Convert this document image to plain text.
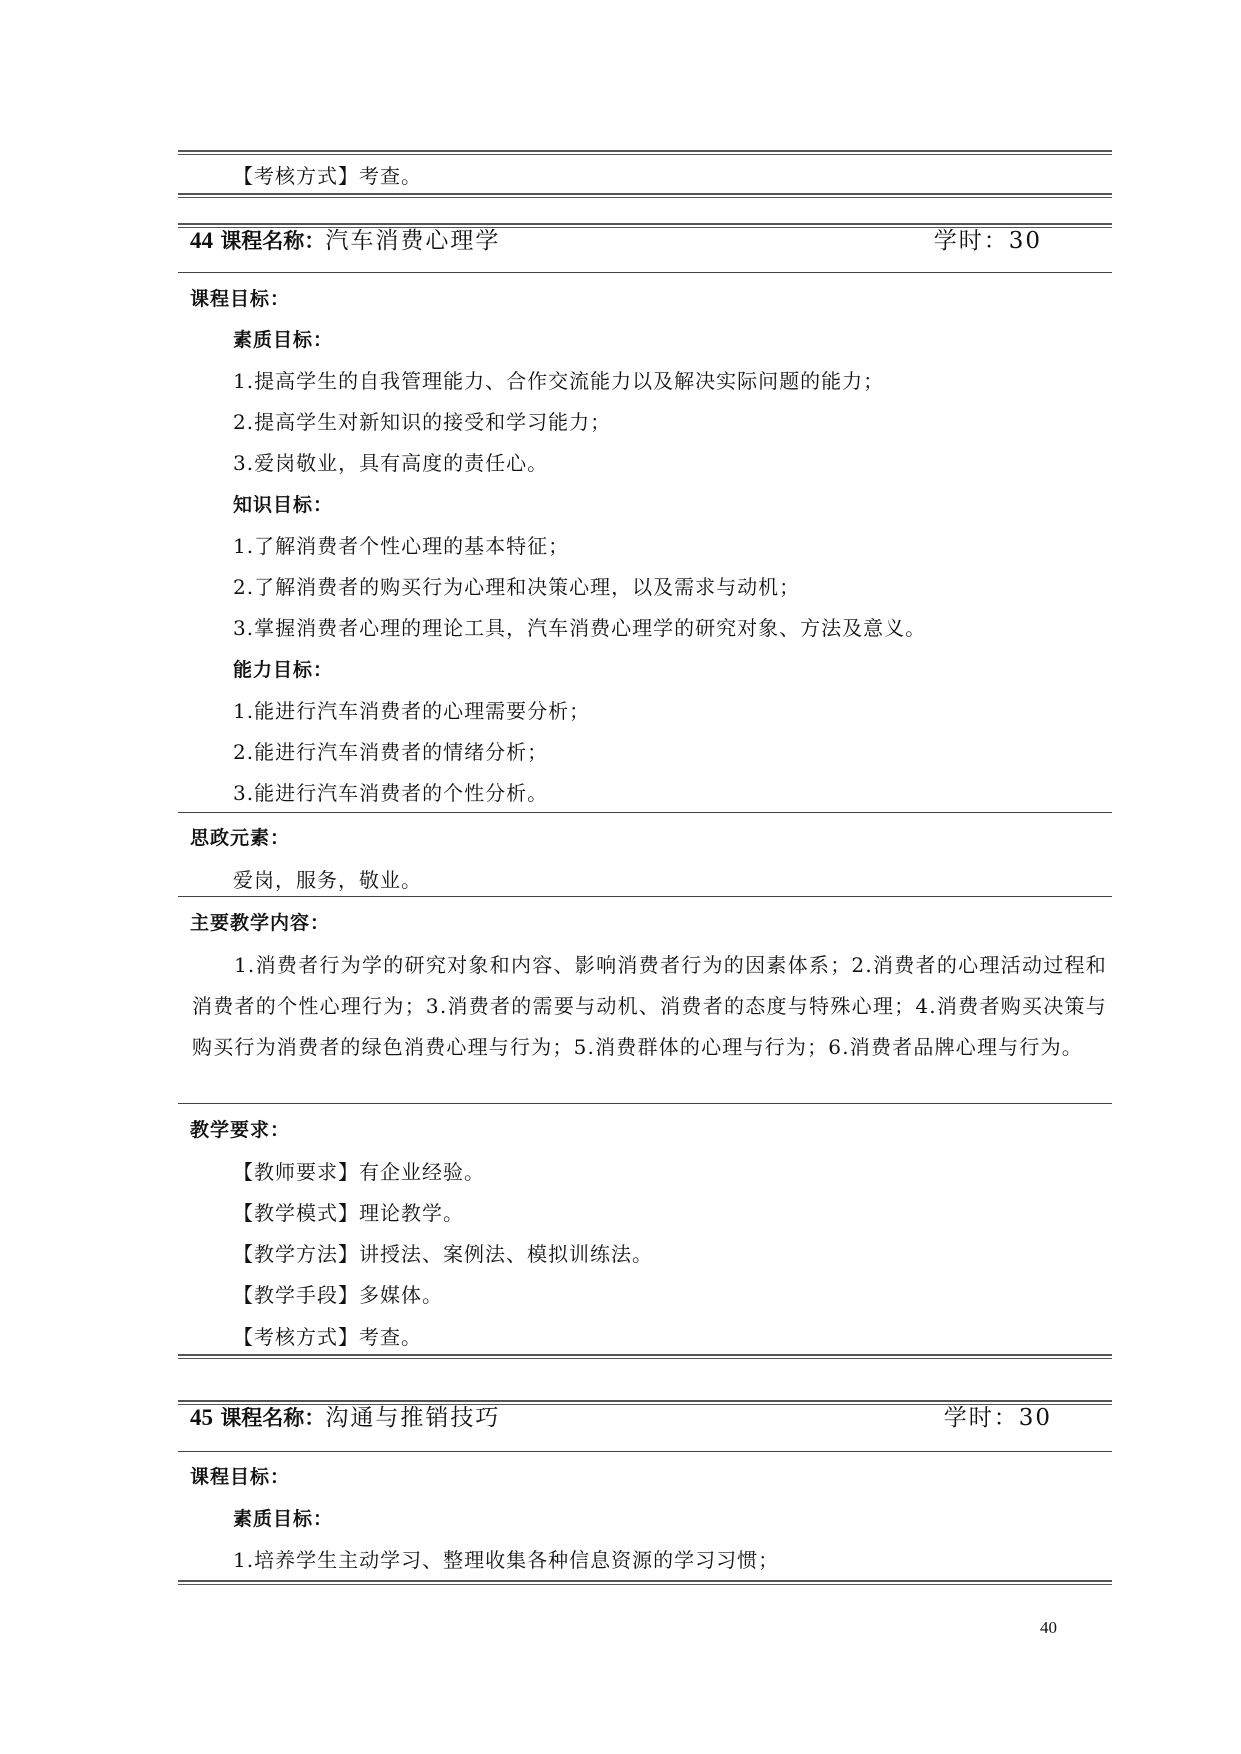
【考核方式】考查。
44 课程名称：汽车消费心理学	学时：30
课程目标：
素质目标：
1.提高学生的自我管理能力、合作交流能力以及解决实际问题的能力；
2.提高学生对新知识的接受和学习能力；
3.爱岗敬业，具有高度的责任心。
知识目标：
1.了解消费者个性心理的基本特征；
2.了解消费者的购买行为心理和决策心理，以及需求与动机；
3.掌握消费者心理的理论工具，汽车消费心理学的研究对象、方法及意义。
能力目标：
1.能进行汽车消费者的心理需要分析；
2.能进行汽车消费者的情绪分析；
3.能进行汽车消费者的个性分析。
思政元素：
爱岗，服务，敬业。
主要教学内容：
1.消费者行为学的研究对象和内容、影响消费者行为的因素体系；2.消费者的心理活动过程和消费者的个性心理行为；3.消费者的需要与动机、消费者的态度与特殊心理；4.消费者购买决策与购买行为消费者的绿色消费心理与行为；5.消费群体的心理与行为；6.消费者品牌心理与行为。
教学要求：
【教师要求】有企业经验。
【教学模式】理论教学。
【教学方法】讲授法、案例法、模拟训练法。
【教学手段】多媒体。
【考核方式】考查。
45 课程名称：沟通与推销技巧	学时：30
课程目标：
素质目标：
1.培养学生主动学习、整理收集各种信息资源的学习习惯；
40
